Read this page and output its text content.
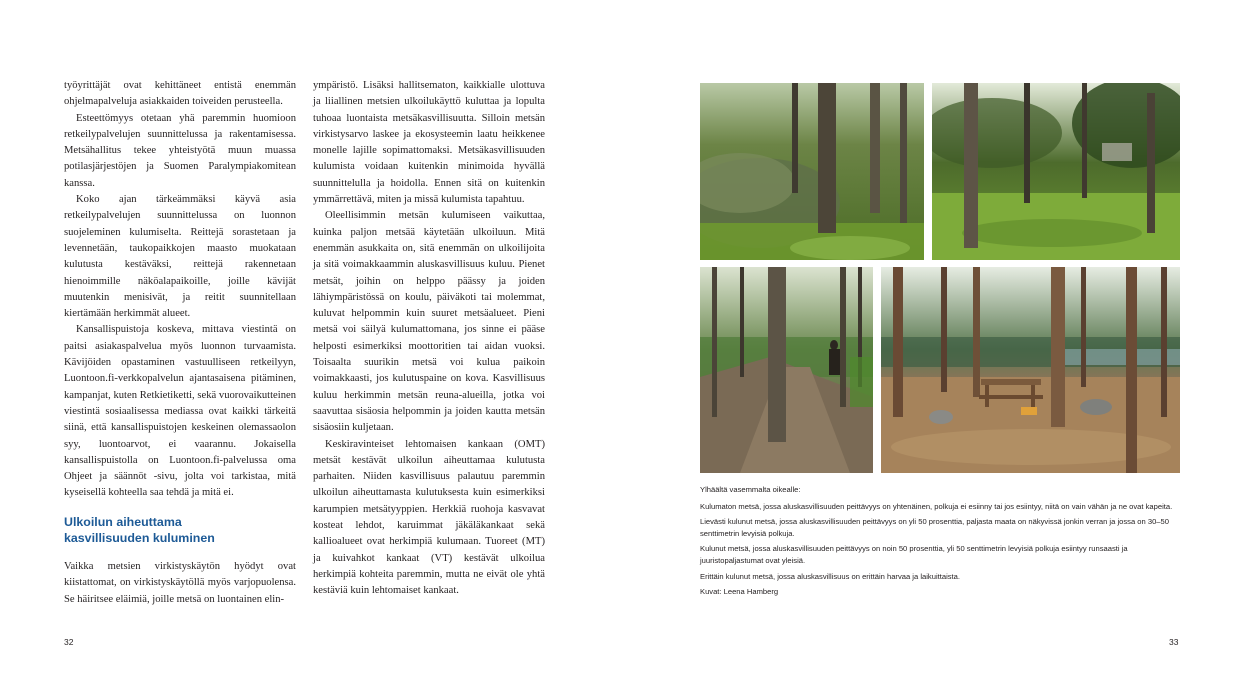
työyrittäjät ovat kehittäneet entistä enemmän ohjelmapalveluja asiakkaiden toiveiden perusteella.

Esteettömyys otetaan yhä paremmin huomioon retkeilypalvelujen suunnittelussa ja rakentamisessa. Metsähallitus tekee yhteistyötä muun muassa potilasjärjestöjen ja Suomen Paralympiakomitean kanssa.

Koko ajan tärkeämmäksi käyvä asia retkeilypalvelujen suunnittelussa on luonnon suojeleminen kulumiselta. Reittejä sorastetaan ja levennetään, taukopaikkojen maasto muokataan kulutusta kestäväksi, reittejä rakennetaan hienoimmille näköalapaikoille, joille kävijät muutenkin menisivät, ja reitit suunnitellaan kiertämään herkimmät alueet.

Kansallispuistoja koskeva, mittava viestintä on paitsi asiakaspalvelua myös luonnon turvaamista. Kävijöiden opastaminen vastuulliseen retkeilyyn, Luontoon.fi-verkkopalvelun ajantasaisena pitäminen, kampanjat, kuten Retkietiketti, sekä vuorovaikutteinen viestintä sosiaalisessa mediassa ovat kaikki tärkeitä siinä, että kansallispuistojen keskeinen olemassaolon syy, luontoarvot, ei vaarannu. Jokaisella kansallispuistolla on Luontoon.fi-palvelussa oma Ohjeet ja säännöt -sivu, jolta voi tarkistaa, mitä kyseisellä kohteella saa tehdä ja mitä ei.

Ulkoilun aiheuttama
kasvillisuuden kuluminen

Vaikka metsien virkistyskäytön hyödyt ovat kiistattomat, on virkistyskäytöllä myös varjopuolensa. Se häiritsee eläimiä, joille metsä on luontainen elin-

ympäristö. Lisäksi hallitsematon, kaikkialle ulottuva ja liiallinen metsien ulkoilukäyttö kuluttaa ja lopulta tuhoaa luontaista metsäkasvillisuutta. Silloin metsän virkistysarvo laskee ja ekosysteemin laatu heikkenee monelle lajille sopimattomaksi. Metsäkasvillisuuden kulumista voidaan kuitenkin minimoida hyvällä suunnittelulla ja hoidolla. Ennen sitä on kuitenkin ymmärrettävä, miten ja missä kulumista tapahtuu.

Oleellisimmin metsän kulumiseen vaikuttaa, kuinka paljon metsää käytetään ulkoiluun. Mitä enemmän asukkaita on, sitä enemmän on ulkoilijoita ja sitä voimakkaammin aluskasvillisuus kuluu. Pienet metsät, joihin on helppo päässy ja joiden lähiympäristössä on koulu, päiväkoti tai molemmat, kuluvat helpommin kuin suuret metsäalueet. Pieni metsä voi säilyä kulumattomana, jos sinne ei pääse helposti esimerkiksi moottoritien tai aidan vuoksi. Toisaalta suurikin metsä voi kulua paikoin voimakkaasti, jos kulutuspaine on kova. Kasvillisuus kuluu herkimmin metsän reuna-alueilla, jotka voi saavuttaa sisäosia helpommin ja joiden kautta metsän sisäosiin kuljetaan.

Keskiravinteiset lehtomaisen kankaan (OMT) metsät kestävät ulkoilun aiheuttamaa kulutusta parhaiten. Niiden kasvillisuus palautuu paremmin ulkoilun aiheuttamasta kulutuksesta kuin esimerkiksi karumpien metsätyyppien. Herkkiä ruohoja kasvavat kosteat lehdot, karuimmat jäkäläkankaat sekä kallioalueet ovat herkimpiä kulumaan. Tuoreet (MT) ja kuivahkot kankaat (VT) kestävät ulkoilua herkimpiä kohteita paremmin, mutta ne eivät ole yhtä kestäviä kuin lehtomaiset kankaat.

32

Ylhäältä vasemmalta oikealle:

Kulumaton metsä, jossa aluskasvillisuuden peittävyys on yhtenäinen, polkuja ei esiinny tai jos esiintyy, niitä on vain vähän ja ne ovat kapeita.

Lievästi kulunut metsä, jossa aluskasvillisuuden peittävyys on yli 50 prosenttia, paljasta maata on näkyvissä jonkin verran ja jossa on 30–50 senttimetrin levyisiä polkuja.

Kulunut metsä, jossa aluskasvillisuuden peittävyys on noin 50 prosenttia, yli 50 senttimetrin levyisiä polkuja esiintyy runsaasti ja juuristopaljastumat ovat yleisiä.

Erittäin kulunut metsä, jossa aluskasvillisuus on erittäin harvaa ja laikuittaista.

Kuvat: Leena Hamberg

33
